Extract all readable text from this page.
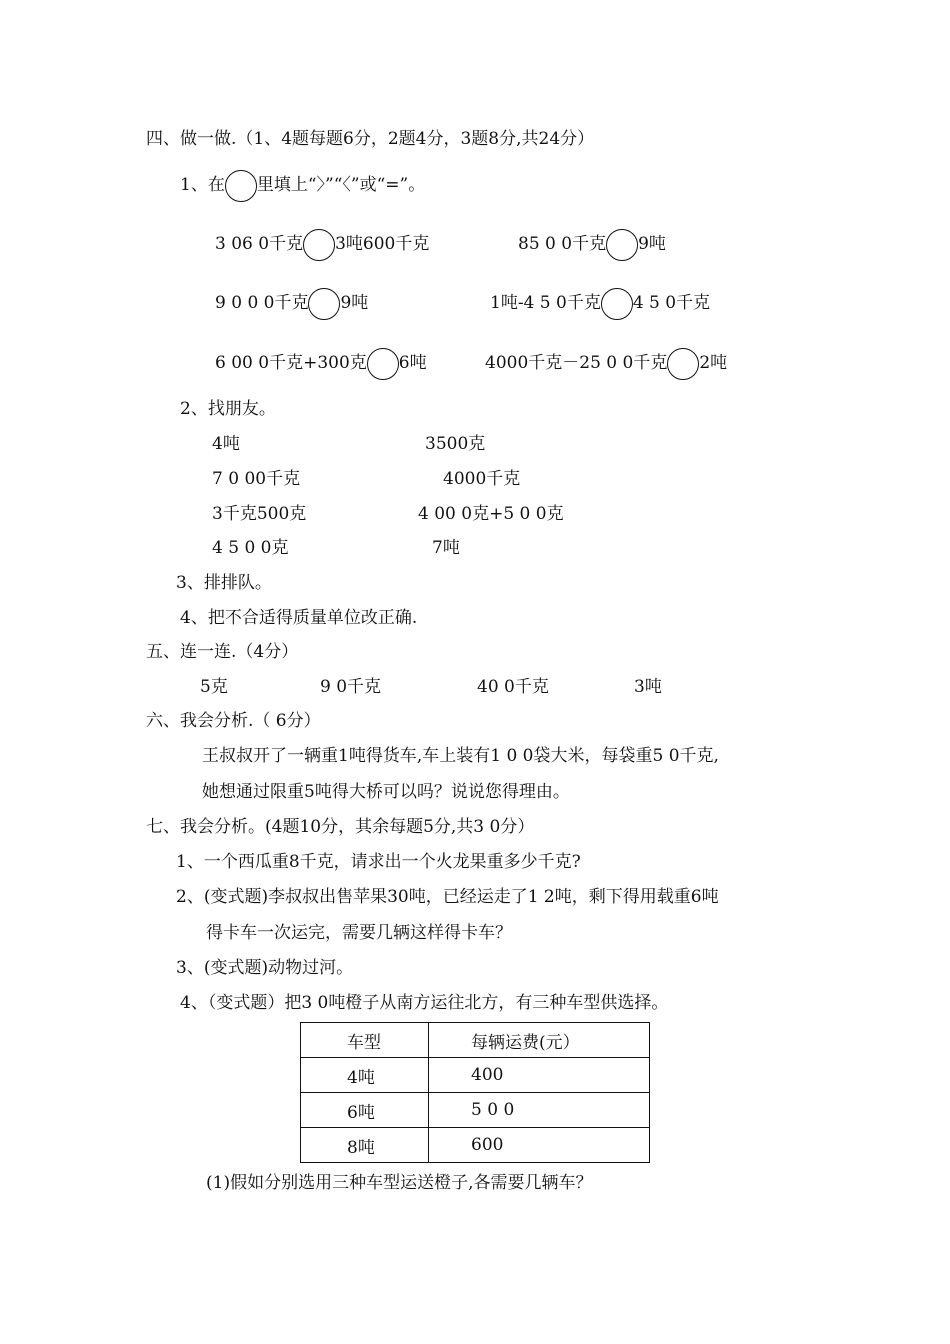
四、做一做.（1、4题每题6分，2题4分，3题8分,共24分）
1、在 里填上“〉”“〈”或“=”。
3 06 0千克 3吨600千克	85 0 0千克 9吨
9 0 0 0千克 9吨	1吨-4 5 0千克 4 5 0千克
6 00 0千克+300克 6吨	4000千克－25 0 0千克 2吨
2、找朋友。
4吨	3500克
7 0 00千克	4000千克
3千克500克	4 00 0克+5 0 0克
4 5 0 0克	7吨
3、排排队。
4、把不合适得质量单位改正确.
五、连一连.（4分）
5克	9 0千克	40 0千克	3吨
六、我会分析.（ 6分）
王叔叔开了一辆重1吨得货车,车上装有1 0 0袋大米，每袋重5 0千克,
她想通过限重5吨得大桥可以吗？说说您得理由。
七、我会分析。(4题10分，其余每题5分,共3 0分）
1、一个西瓜重8千克，请求出一个火龙果重多少千克?
2、(变式题)李叔叔出售苹果30吨，已经运走了1 2吨，剩下得用载重6吨
得卡车一次运完，需要几辆这样得卡车？
3、(变式题)动物过河。
4、（变式题）把3 0吨橙子从南方运往北方，有三种车型供选择。
车型	每辆运费(元）
4吨	400
6吨	5 0 0
8吨	600
(1)假如分别选用三种车型运送橙子,各需要几辆车？
